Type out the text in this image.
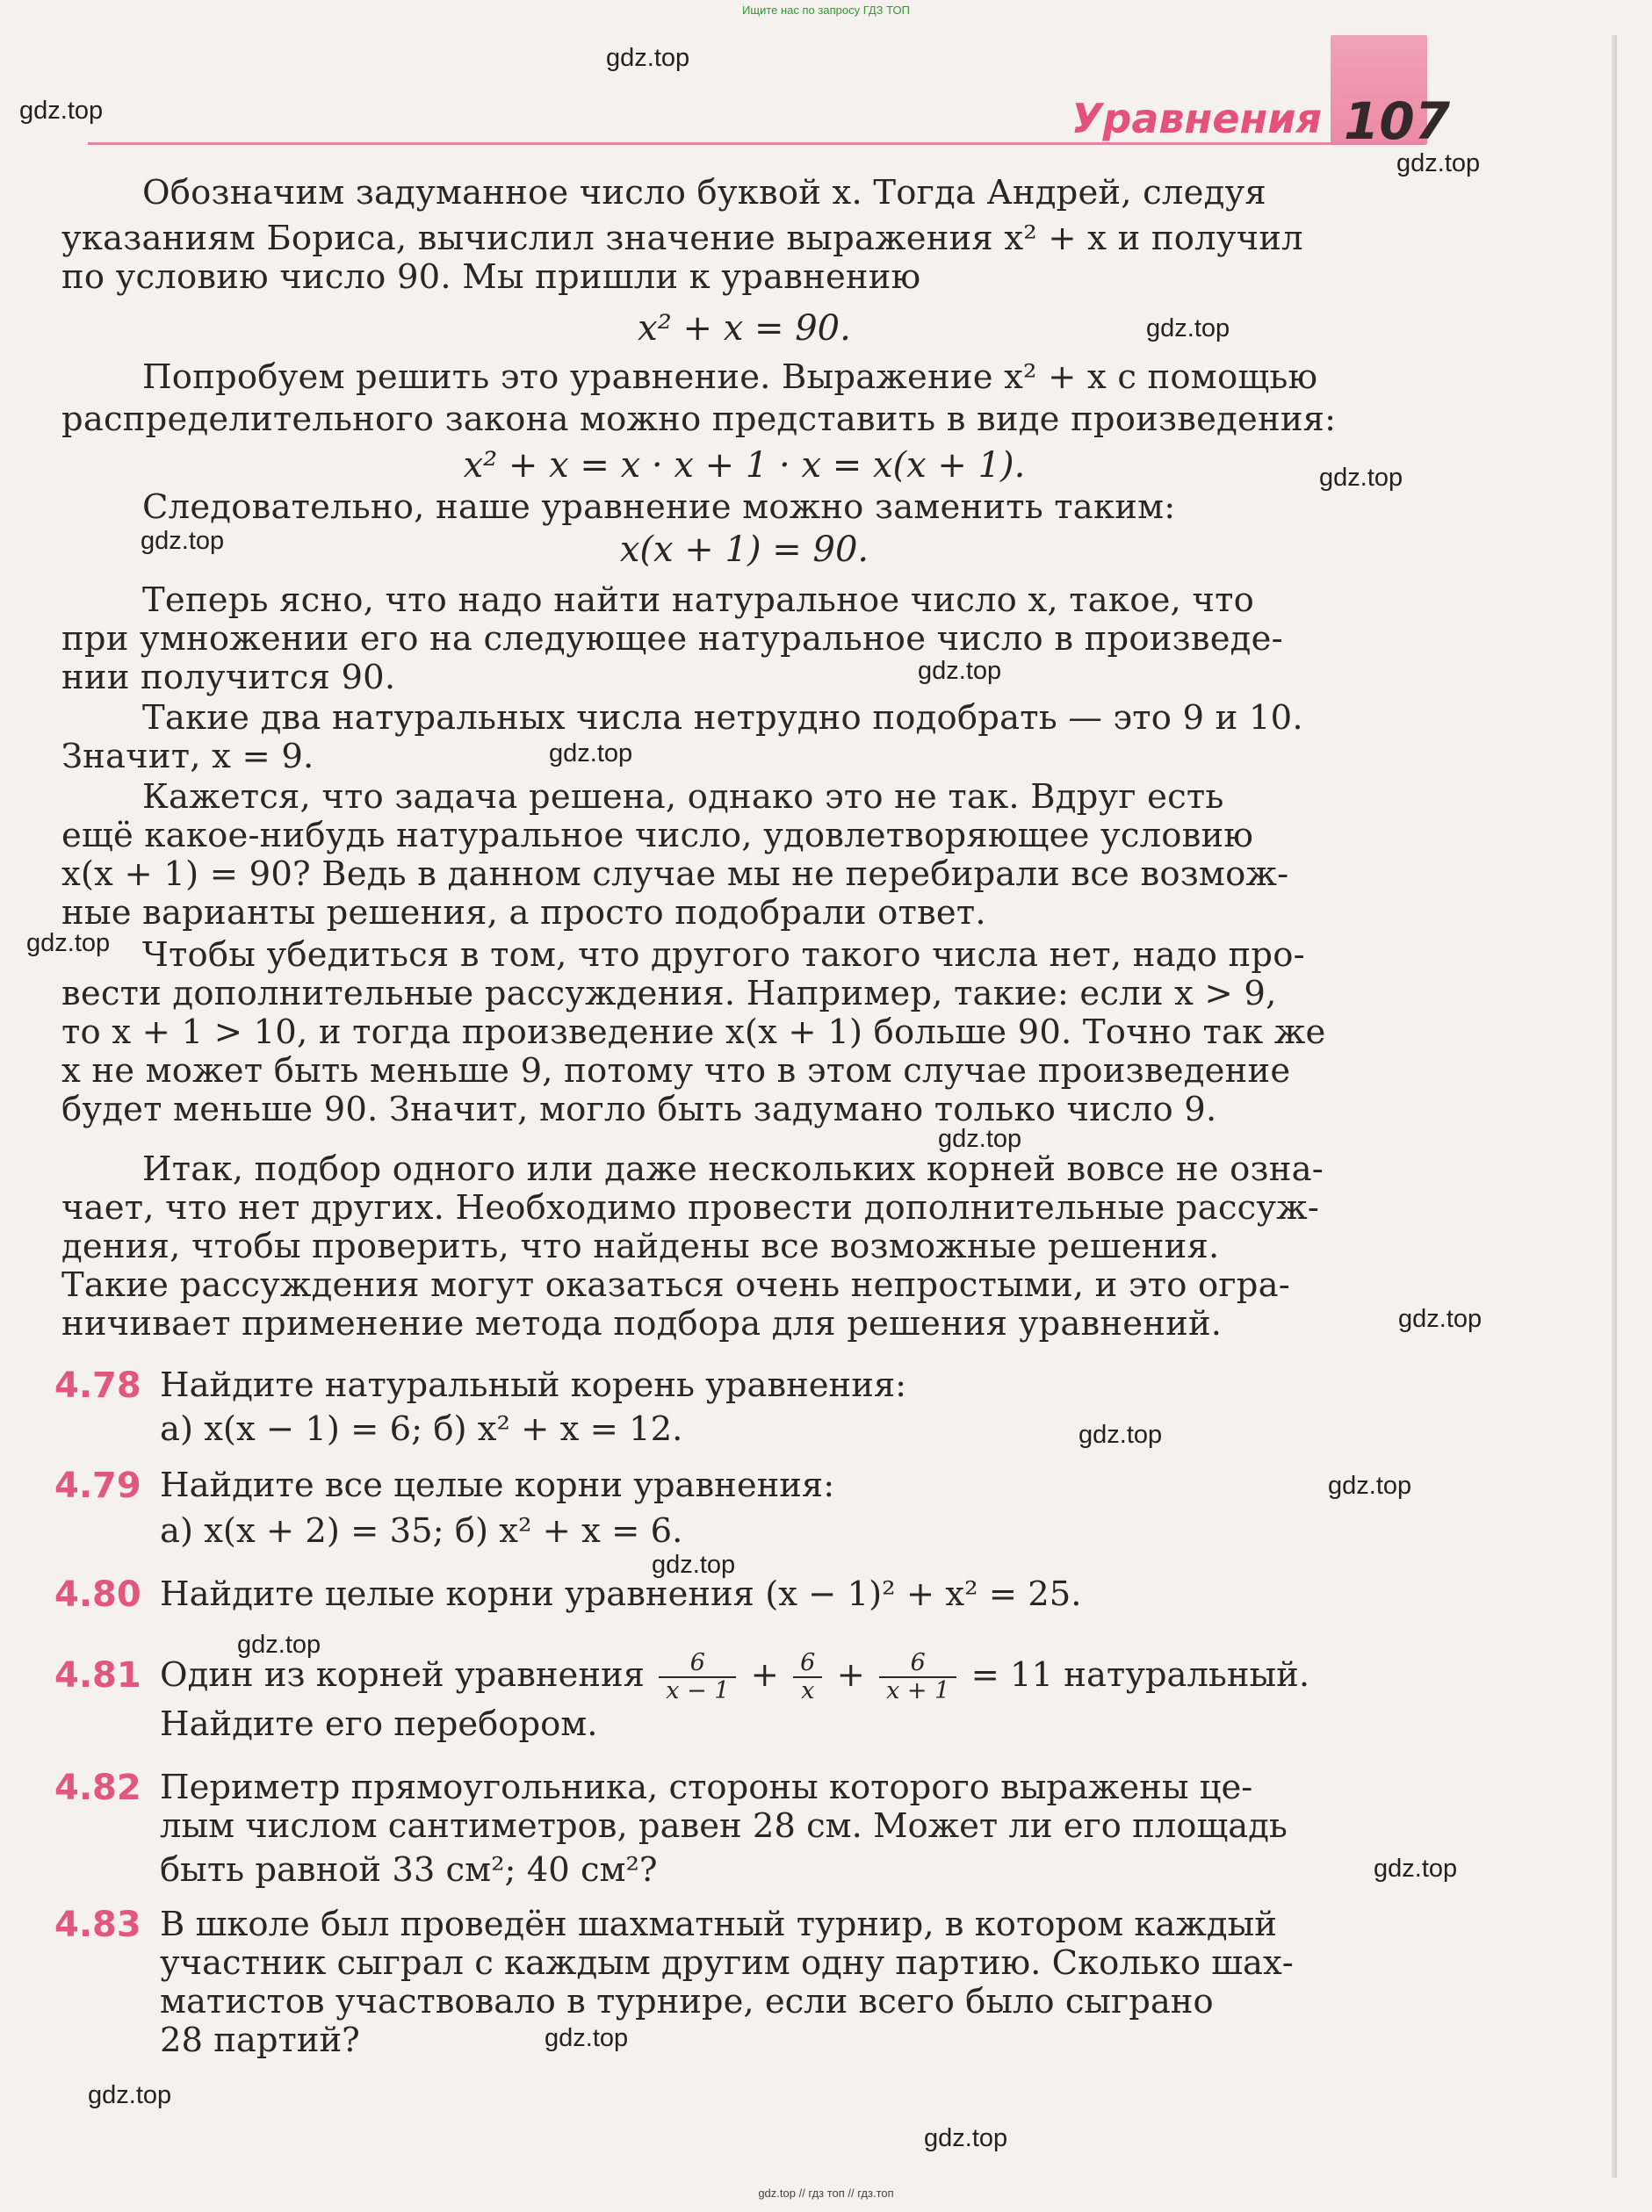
Ищите нас по запросу ГДЗ ТОП
Уравнения 107
Обозначим задуманное число буквой x. Тогда Андрей, следуя
указаниям Бориса, вычислил значение выражения x² + x и получил
по условию число 90. Мы пришли к уравнению
x² + x = 90.
Попробуем решить это уравнение. Выражение x² + x с помощью
распределительного закона можно представить в виде произведения:
x² + x = x · x + 1 · x = x(x + 1).
Следовательно, наше уравнение можно заменить таким:
x(x + 1) = 90.
Теперь ясно, что надо найти натуральное число x, такое, что
при умножении его на следующее натуральное число в произведе-
нии получится 90.
Такие два натуральных числа нетрудно подобрать — это 9 и 10.
Значит, x = 9.
Кажется, что задача решена, однако это не так. Вдруг есть
ещё какое-нибудь натуральное число, удовлетворяющее условию
x(x + 1) = 90? Ведь в данном случае мы не перебирали все возмож-
ные варианты решения, а просто подобрали ответ.
Чтобы убедиться в том, что другого такого числа нет, надо про-
вести дополнительные рассуждения. Например, такие: если x > 9,
то x + 1 > 10, и тогда произведение x(x + 1) больше 90. Точно так же
x не может быть меньше 9, потому что в этом случае произведение
будет меньше 90. Значит, могло быть задумано только число 9.
Итак, подбор одного или даже нескольких корней вовсе не озна-
чает, что нет других. Необходимо провести дополнительные рассуж-
дения, чтобы проверить, что найдены все возможные решения.
Такие рассуждения могут оказаться очень непростыми, и это огра-
ничивает применение метода подбора для решения уравнений.
4.78 Найдите натуральный корень уравнения:
а) x(x − 1) = 6; б) x² + x = 12.
4.79 Найдите все целые корни уравнения:
а) x(x + 2) = 35; б) x² + x = 6.
4.80 Найдите целые корни уравнения (x − 1)² + x² = 25.
4.81 Один из корней уравнения $\frac{6}{x - 1} + \frac{6}{x} + \frac{6}{x + 1} = 11$ натуральный.
Найдите его перебором.
4.82 Периметр прямоугольника, стороны которого выражены це-
лым числом сантиметров, равен 28 см. Может ли его площадь
быть равной 33 см²; 40 см²?
4.83 В школе был проведён шахматный турнир, в котором каждый
участник сыграл с каждым другим одну партию. Сколько шах-
матистов участвовало в турнире, если всего было сыграно
28 партий?
gdz.top
gdz.top
gdz.top
gdz.top
gdz.top
gdz.top
gdz.top
gdz.top
gdz.top
gdz.top
gdz.top
gdz.top
gdz.top
gdz.top
gdz.top
gdz.top
gdz.top
gdz.top
gdz.top
gdz.top // гдз топ // гдз.топ
